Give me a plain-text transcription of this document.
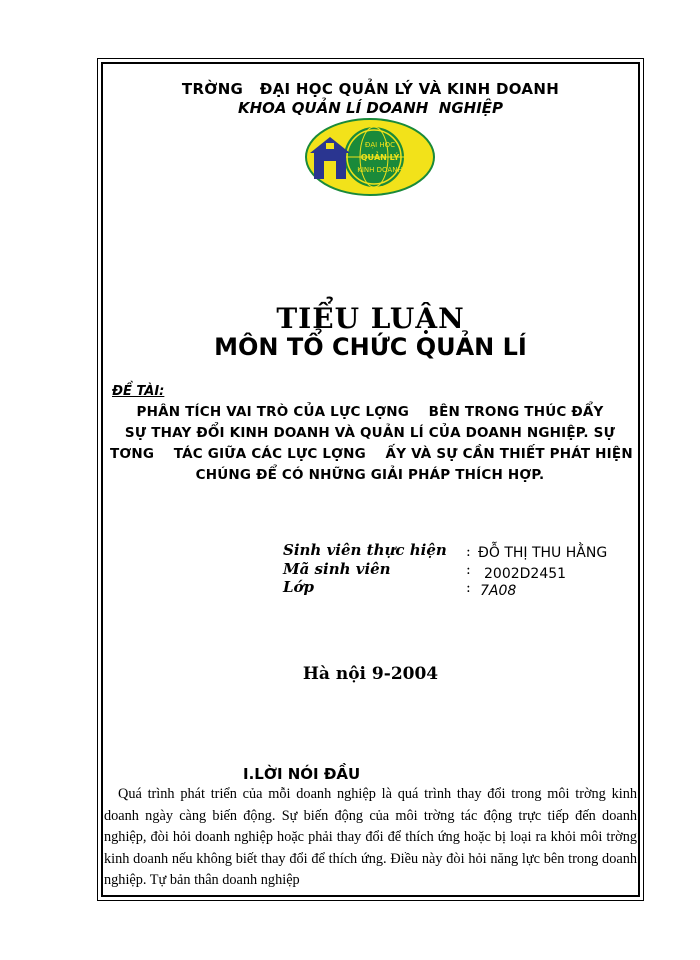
TRỜNG   ĐẠI HỌC QUẢN LÝ VÀ KINH DOANH
KHOA QUẢN LÍ DOANH  NGHIỆP
ĐẠI HỌC
QUẢN LÝ
KINH DOANH
TIỂU LUẬN
MÔN TỔ CHỨC QUẢN LÍ
ĐỀ TÀI:
PHÂN TÍCH VAI TRÒ CỦA LỰC LỢNG    BÊN TRONG THÚC ĐẨY
SỰ THAY ĐỔI KINH DOANH VÀ QUẢN LÍ CỦA DOANH NGHIỆP. SỰ
TƠNG    TÁC GIỮA CÁC LỰC LỢNG    ẤY VÀ SỰ CẦN THIẾT PHÁT HIỆN
CHÚNG ĐỂ CÓ NHỮNG GIẢI PHÁP THÍCH HỢP.
Sinh viên thực hiện : ĐỖ THỊ THU HẰNG
Mã sinh viên	: 2002D2451
Lớp	: 7A08
Hà nội 9-2004
I.LỜI NÓI ĐẦU
Quá trình phát triển của mỗi doanh nghiệp là quá trình thay đổi trong môi trờng kinh doanh ngày càng biến động. Sự biến động của môi trờng tác động trực tiếp đến doanh nghiệp, đòi hỏi doanh nghiệp hoặc phải thay đổi để thích ứng hoặc bị loại ra khỏi môi trờng kinh doanh nếu không biết thay đổi để thích ứng. Điều này đòi hỏi năng lực bên trong doanh nghiệp. Tự bản thân doanh nghiệp
